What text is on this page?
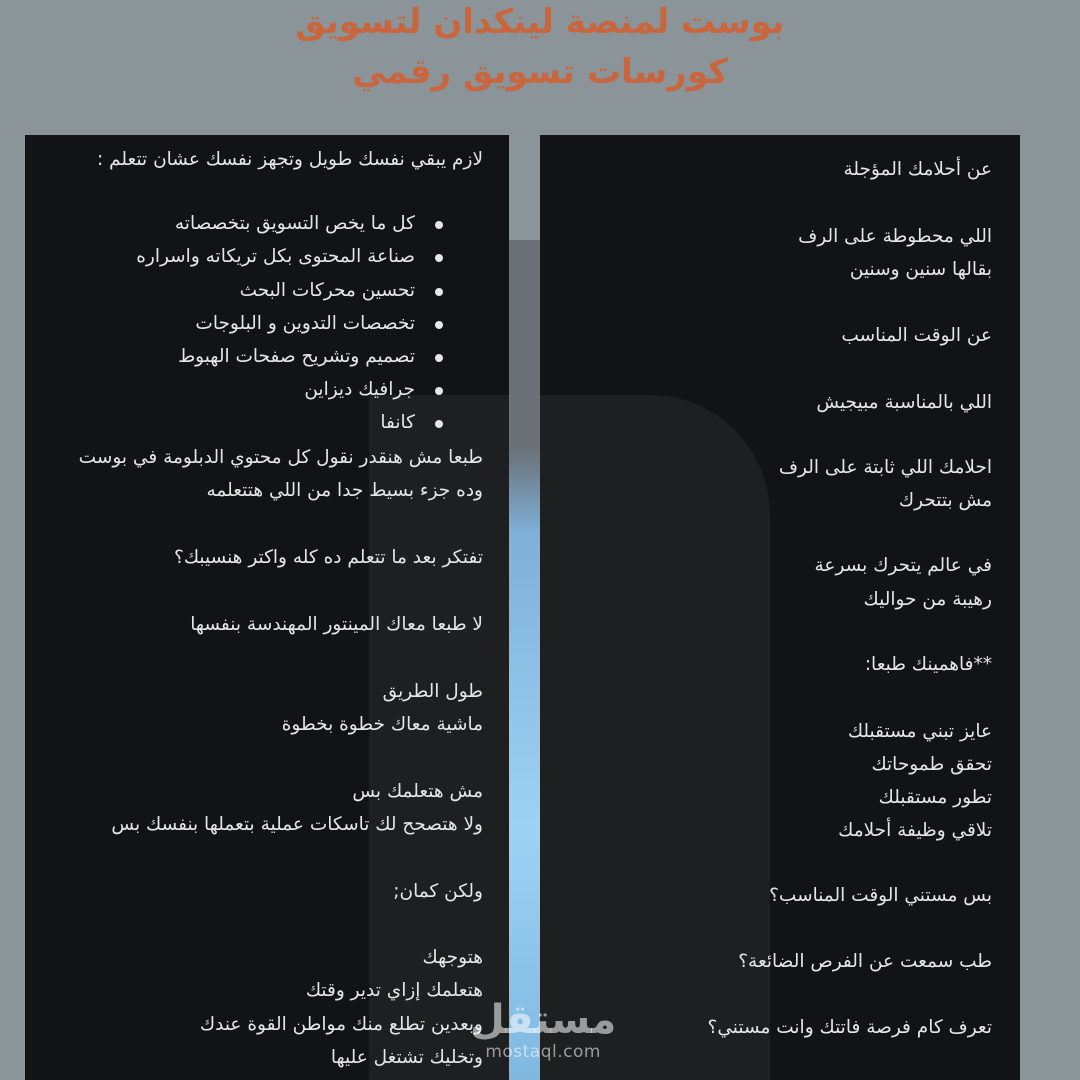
بوست لمنصة لينكدان لتسويق
كورسات تسويق رقمي
لازم يبقي نفسك طويل وتجهز نفسك عشان تتعلم :
كل ما يخص التسويق بتخصصاته
صناعة المحتوى بكل تريكاته واسراره
تحسين محركات البحث
تخصصات التدوين و البلوجات
تصميم وتشريح صفحات الهبوط
جرافيك ديزاين
كانفا
طبعا مش هنقدر نقول كل محتوي الدبلومة في بوست
وده جزء بسيط جدا من اللي هتتعلمه
تفتكر بعد ما تتعلم ده كله واكتر هنسيبك؟
لا طبعا معاك المينتور المهندسة بنفسها
طول الطريق
ماشية معاك خطوة بخطوة
مش هتعلمك بس
ولا هتصحح لك تاسكات عملية بتعملها بنفسك بس
ولكن كمان;
هتوجهك
هتعلمك إزاي تدير وقتك
وبعدين تطلع منك مواطن القوة عندك
وتخليك تشتغل عليها
عن أحلامك المؤجلة
اللي محطوطة على الرف
بقالها سنين وسنين
عن الوقت المناسب
اللي بالمناسبة مبيجيش
احلامك اللي ثابتة على الرف
مش بتتحرك
في عالم يتحرك بسرعة
رهيبة من حواليك
**فاهمينك طبعا:
عايز تبني مستقبلك
تحقق طموحاتك
تطور مستقبلك
تلاقي وظيفة أحلامك
بس مستني الوقت المناسب؟
طب سمعت عن الفرص الضائعة؟
تعرف كام فرصة فاتتك وانت مستني؟
مستقل
mostaql.com
